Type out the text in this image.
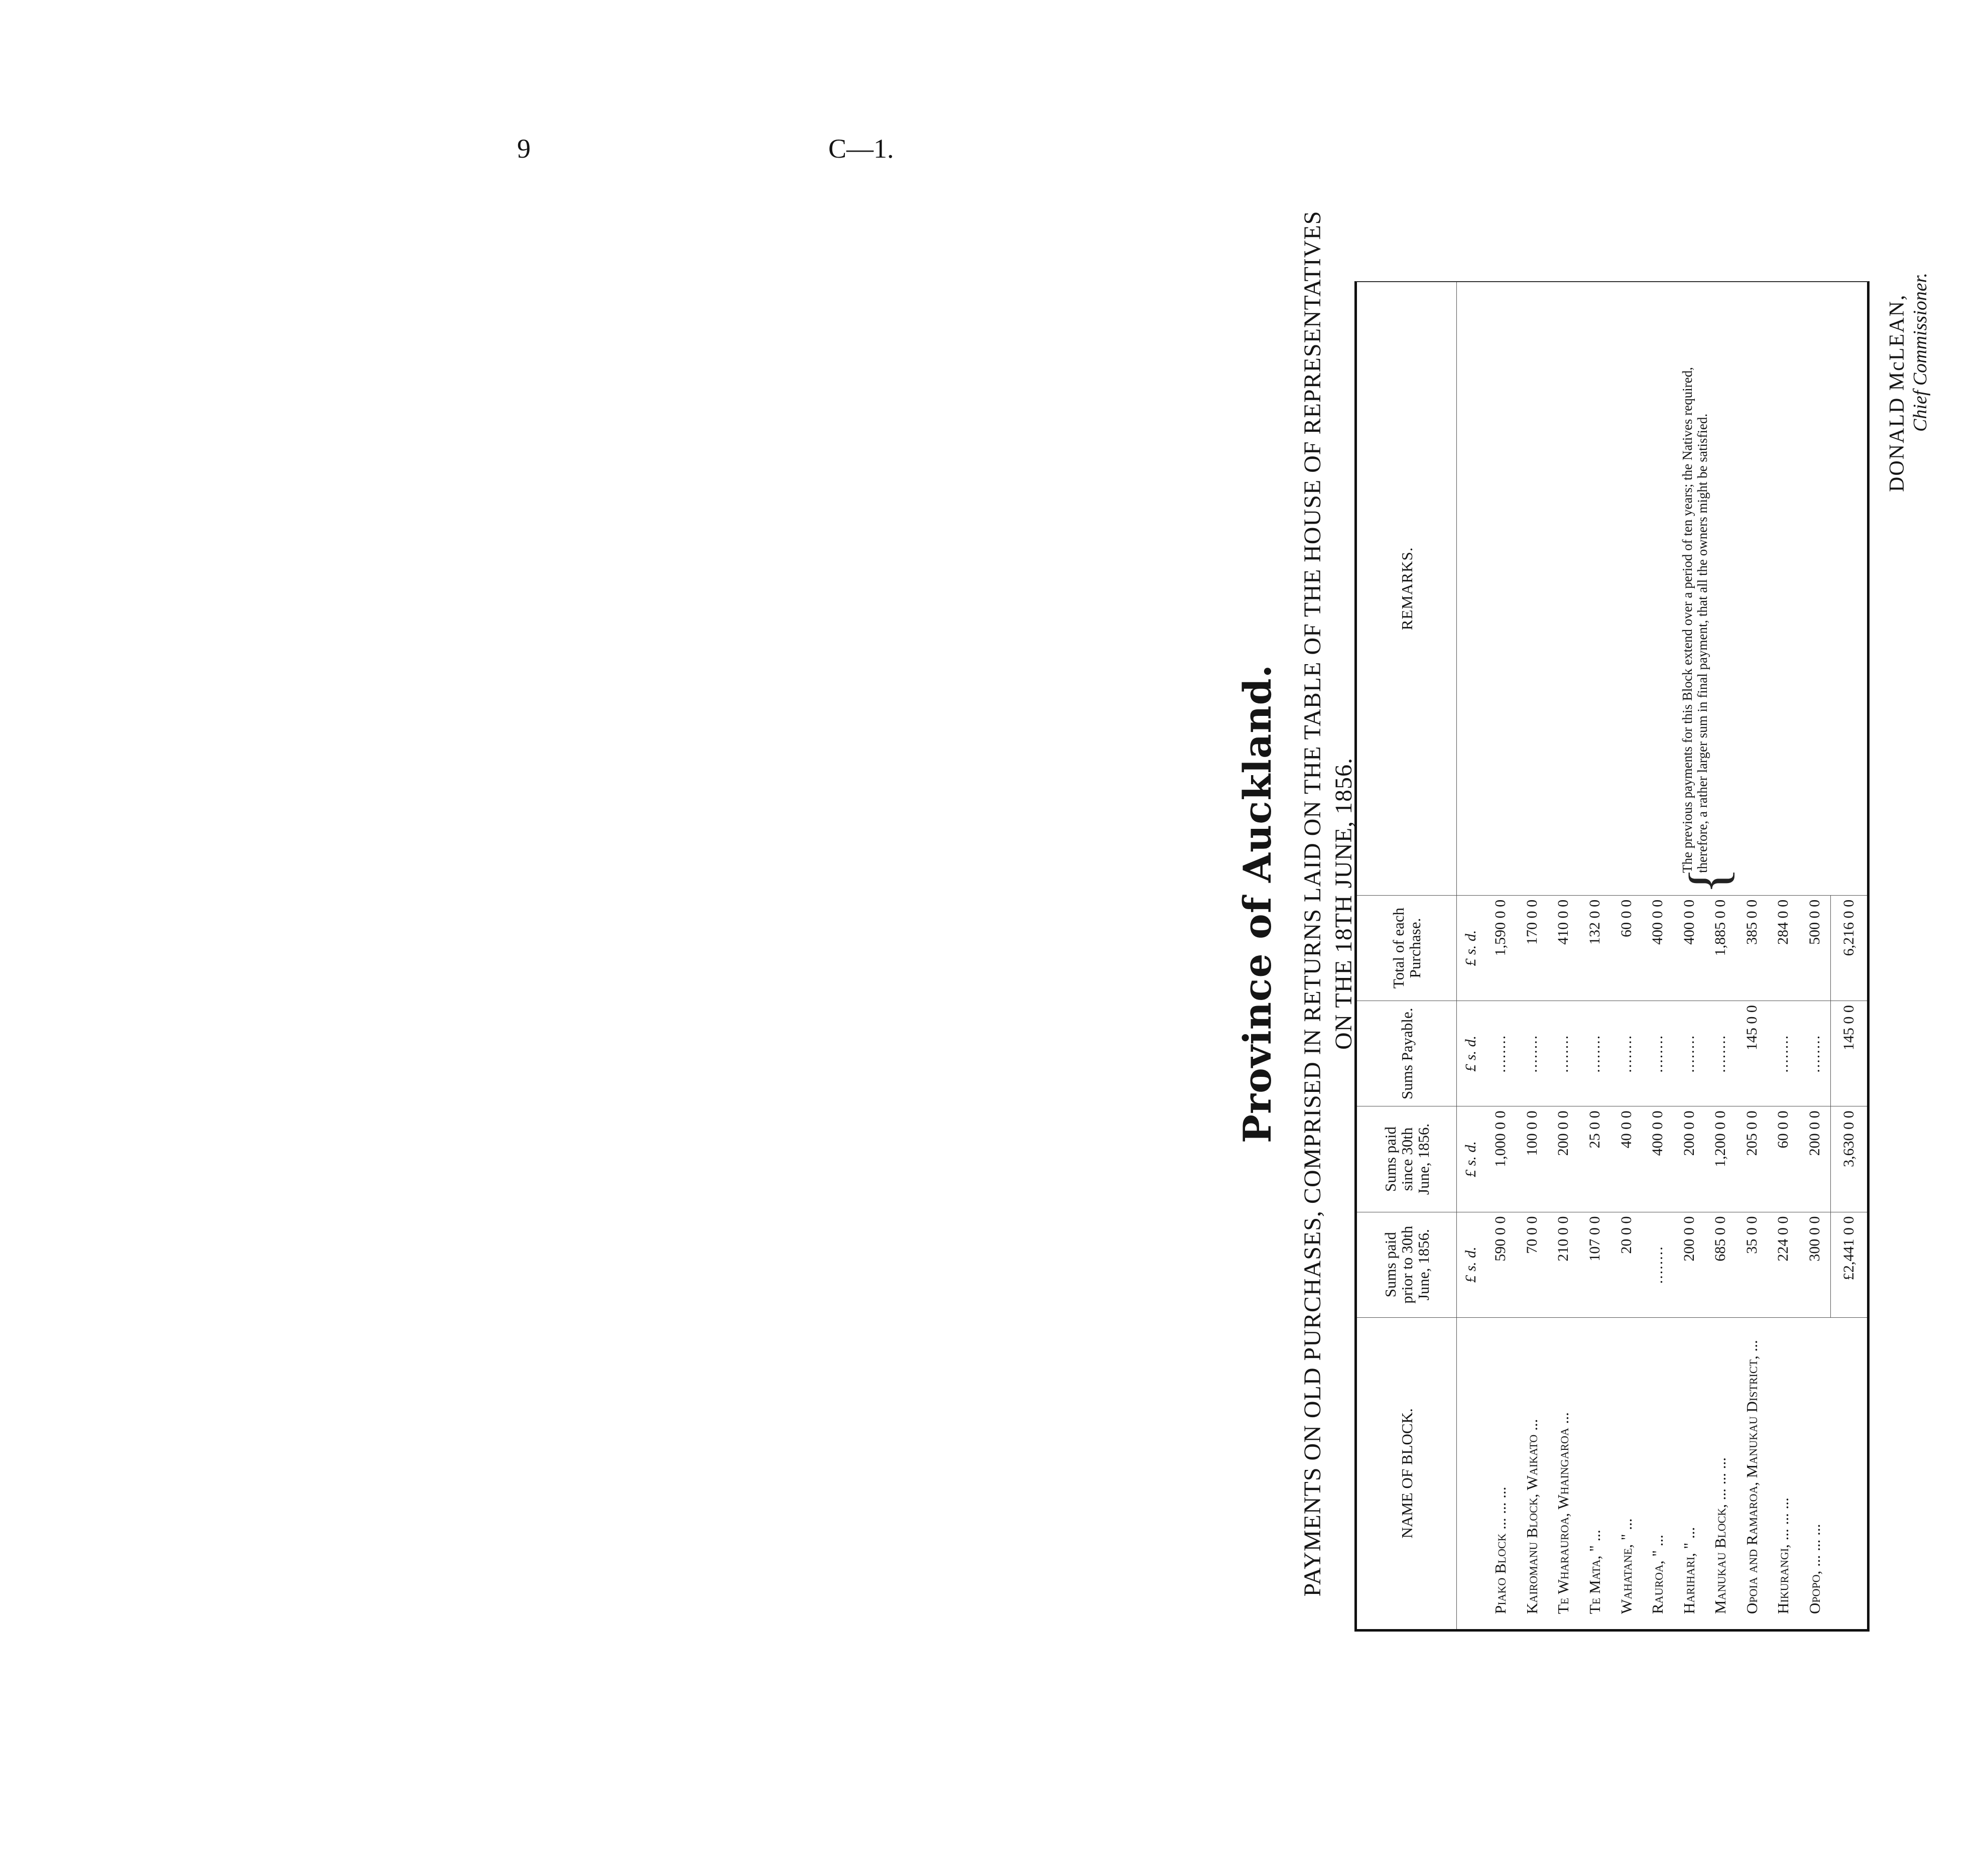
9	C—1.
Province of Auckland. PAYMENTS ON OLD PURCHASES, COMPRISED IN RETURNS LAID ON THE TABLE OF THE HOUSE OF REPRESENTATIVES ON THE 18TH JUNE, 1856.
NAME OF BLOCK.	Sums paid prior to 30th June, 1856.	Sums paid since 30th June, 1856.	Sums Payable.	Total of each Purchase.	REMARKS.
	£ s. d.	£ s. d.	£ s. d.	£ s. d.	
Piako Block ... ... ...	590 0 0	1,000 0 0	........	1,590 0 0	
Kairomanu Block, Waikato ...	70 0 0	100 0 0	........	170 0 0	
Te Wharauroa, Whaingaroa ...	210 0 0	200 0 0	........	410 0 0	
Te Mata, " ...	107 0 0	25 0 0	........	132 0 0	
Wahatane, " ...	20 0 0	40 0 0	........	60 0 0	
Rauroa, " ...	........	400 0 0	........	400 0 0	
Harihari, " ...	200 0 0	200 0 0	........	400 0 0	
Manukau Block, ... ... ...	685 0 0	1,200 0 0	........	1,885 0 0	{
The previous payments for this Block extend over a period of ten years; the Natives required, therefore, a rather larger sum in final payment, that all the owners might be satisfied.

Opoia and Ramaroa, Manukau District, ...	35 0 0	205 0 0	145 0 0	385 0 0	
Hikurangi, ... ... ...	224 0 0	60 0 0	........	284 0 0	
Opopo, ... ... ...	300 0 0	200 0 0	........	500 0 0	
	£2,441 0 0	3,630 0 0	145 0 0	6,216 0 0	
DONALD McLEAN, Chief Commissioner.
